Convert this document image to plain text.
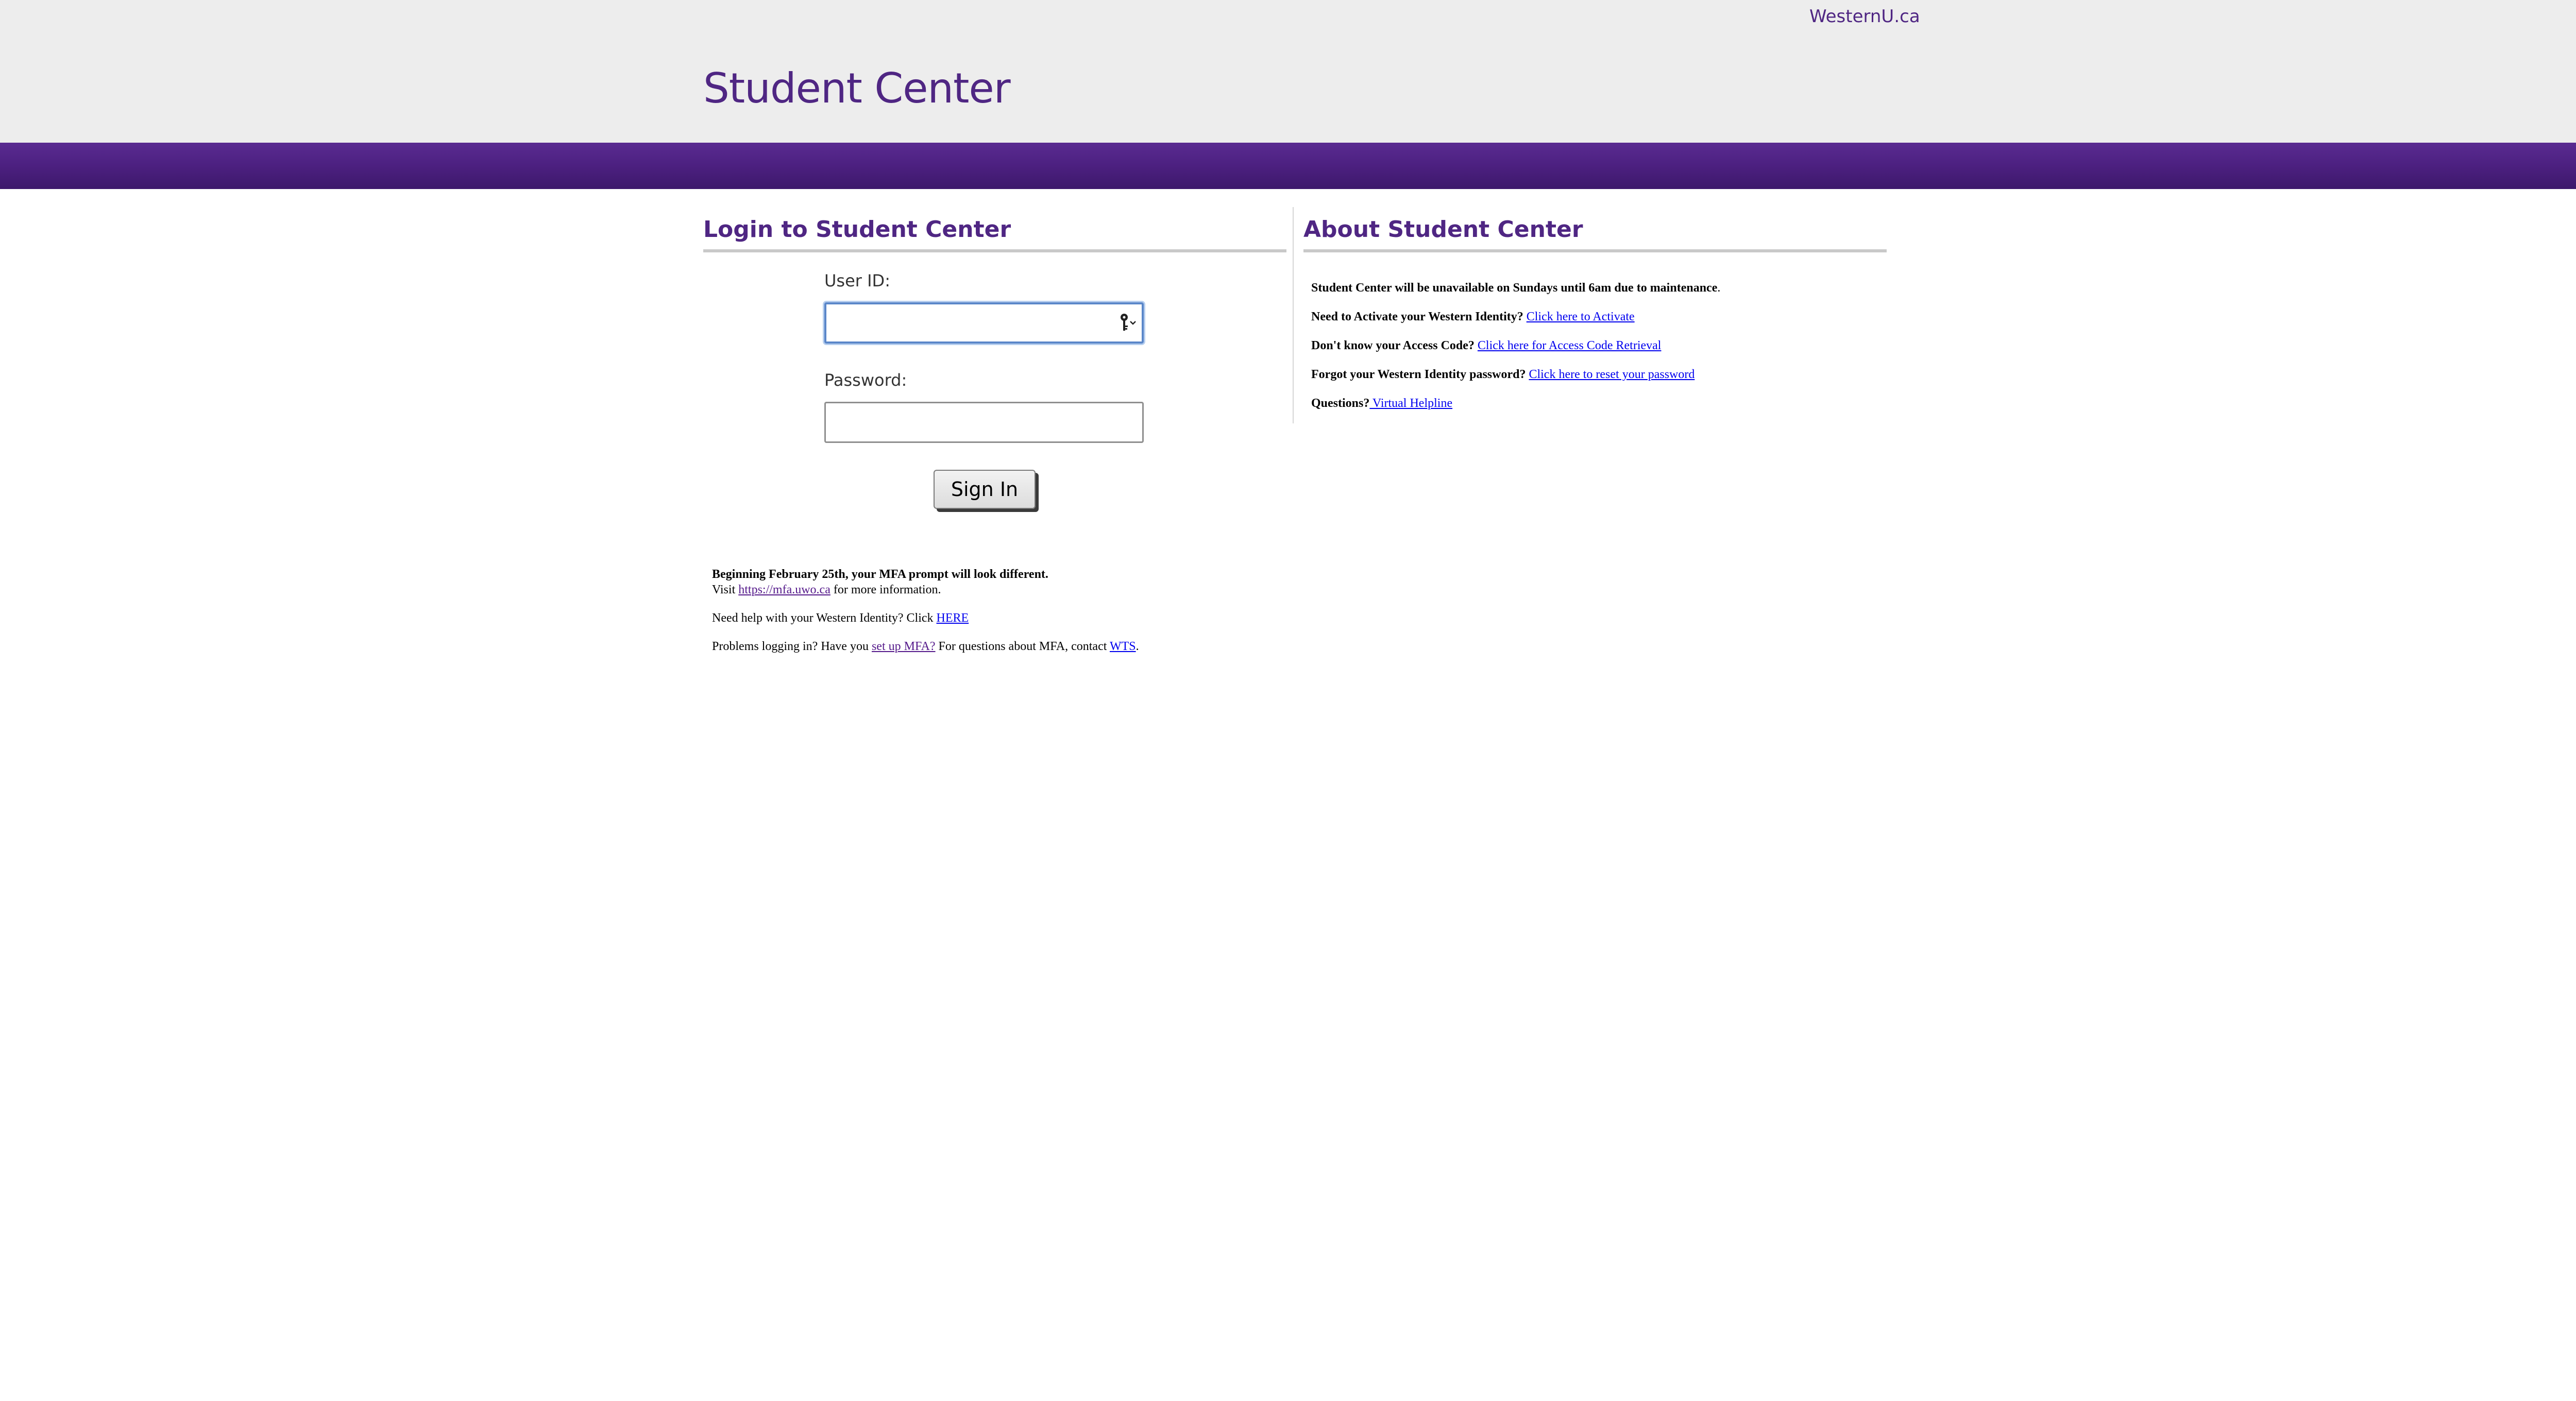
WesternU.ca
Student Center
Login to Student Center	About Student Center
User ID:
Password:
Sign In

Beginning February 25th, your MFA prompt will look different.

Visit https://mfa.uwo.ca for more information.

Need help with your Western Identity? Click HERE

Problems logging in? Have you set up MFA? For questions about MFA, contact WTS.

Student Center will be unavailable on Sundays until 6am due to maintenance.

Need to Activate your Western Identity? Click here to Activate

Don't know your Access Code? Click here for Access Code Retrieval

Forgot your Western Identity password? Click here to reset your password

Questions? Virtual Helpline
